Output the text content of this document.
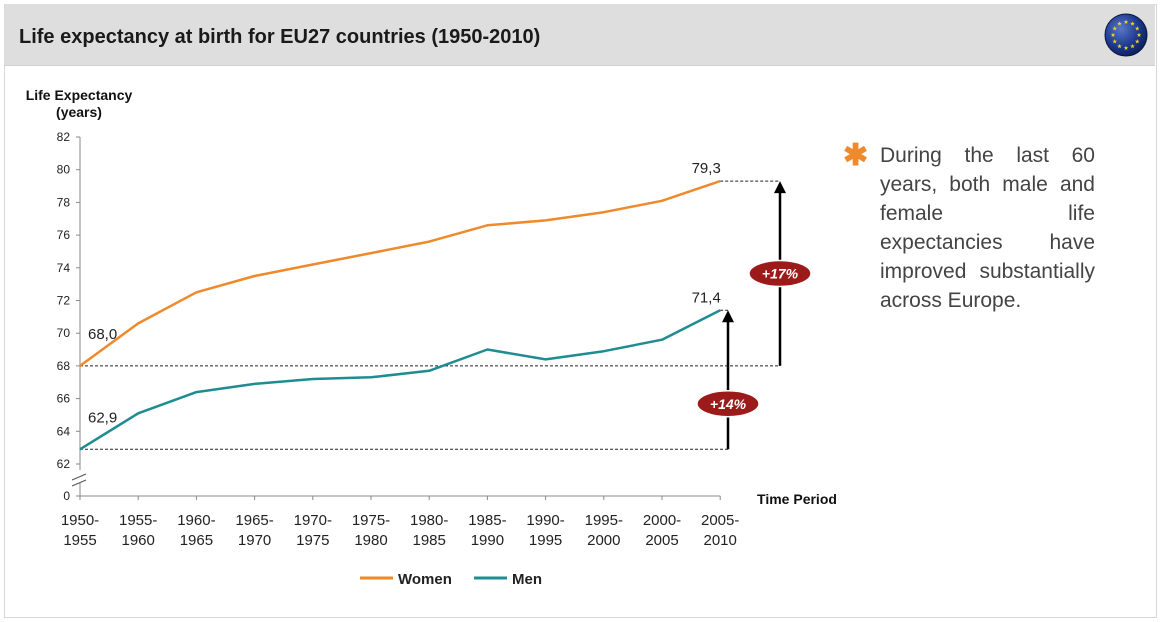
Life expectancy at birth for EU27 countries (1950-2010)
Life Expectancy
(years)
Time Period
0
62
64
66
68
70
72
74
76
78
80
82
1950-
1955
1955-
1960
1960-
1965
1965-
1970
1970-
1975
1975-
1980
1980-
1985
1985-
1990
1990-
1995
1995-
2000
2000-
2005
2005-
2010
68,0
79,3
62,9
71,4
+17%
+14%
Women	Men
✱ During the last 60 years, both male and female life expectancies have improved substantially across Europe.
